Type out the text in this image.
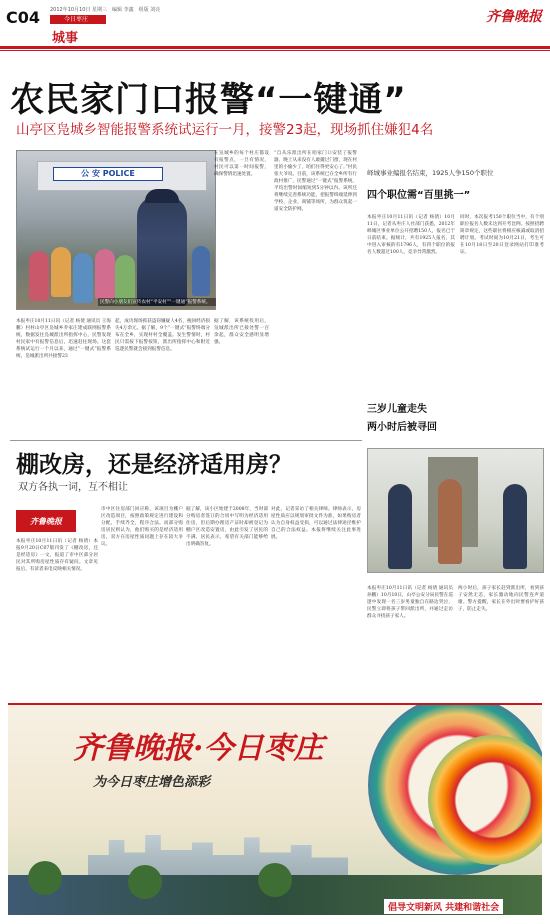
C04 2012年10月10日 星期三　编辑 李鑫　组版 刘亮
今日枣庄
城事
齐鲁晚报
农民家门口报警“一键通”
山亭区凫城乡智能报警系统试运行一月，接警23起，现场抓住嫌犯4名
公 安 POLICE
民警向小朋友们宣传农村“平安村”“一键通”报警系统。
本报枣庄10月11日讯（记者 杨倩 通讯员 王海鹏）村村山亭区凫城乡乔家庄建成联网报警系统，数据发往凫城派出所指挥中心，民警发现村民家中有报警信息后，迅速赶往现场。这套系统试运行一个月以来，通过“一键式”报警系统，凫城派出所共接警23
起，成功现场抓获盗窃嫌疑人4名，挽回经济损失4万余元。据了解，9个“一键式”报警终端分布在全乡，实现村村全覆盖。发生警情时，村民只需按下报警按钮，派出所指挥中心和附近巡逻民警就会接到报警信息。
在凫城乡的每个村庄都设有报警点，一旦有情况，村民可以第一时间报警，确保警情迅速处置。
据了解，该系统投用后，凫城派出所已接处警一百余起，群众安全感明显增强。
“自从乐派出所在咱家门口安装了报警器，晚上从来没有人敢撬过门窗，现在村里的小偷少了，咱们住得更安心了。”村民张大爷说。目前，该系统已在全乡所有行政村推广，民警通过“一键式”报警系统，平均出警时间缩短到5分钟以内。该所还将继续完善系统功能，把报警终端延伸到学校、企业、商铺等场所，为群众筑起一道安全防护网。
峄城事业编报名结束，1925人争150个职位
四个职位需“百里挑一”
本报枣庄10月11日讯（记者 杨倩）10月11日，记者从枣庄人社部门获悉，2012年峄城区事业单位公开招聘150人，报名已于日前结束。据统计，共有1925人报名，其中进入审核的有1796人，有四个职位的报名人数超过100人，竞争异常激烈。
同时，本次报考150个职位当中，有个别职位报名人数未达到开考比例。按照招聘简章规定，这些职位将相应核减或取消招聘计划。考试时间为10月21日，考生可在10月18日至20日登录网站打印准考证。
三岁儿童走失
两小时后被寻回
本报枣庄10月11日讯（记者 杨倩 通讯员 孙鹏）10月10日，山亭公安分局民警在巡逻中发现一名三岁男童独自在路边哭泣，民警立即将孩子带回派出所，并通过走访群众寻找孩子家人。
两小时后，孩子家长赶到派出所，看到孩子安然无恙，家长激动地向民警连声道谢。警方提醒，家长在外出时要看护好孩子，防止走失。
棚改房，还是经济适用房？
双方各执一词，互不相让
齐鲁晚报
本报枣庄10月11日讯（记者 杨倩）本报9月20日C07版刊发了《棚改房，还是经适房》一文，报道了市中区部分居民对其所购房屋性质存有疑问。文章见报后，有读者来电反映相关情况。
市中区住房部门回应称，该项目为棚户区改造项目，按照政策规定进行建设和分配，手续齐全，程序合法。而部分购房居民则认为，他们购买的是经济适用房，双方在房屋性质问题上存在较大争议。
据了解，该小区始建于2008年，当时部分购房者签订的合同中写明为经济适用住房，但后期办理房产证时却被登记为棚户区改造安置房，由此引发了居民的不满。居民表示，希望有关部门能够给出明确答复。
对此，记者采访了相关律师。律师表示，房屋性质应以规划审批文件为准，如果购房者认为自身权益受损，可以通过法律途径维护自己的合法权益。本报将继续关注此事进展。
齐鲁晚报·今日枣庄
为今日枣庄增色添彩
倡导文明新风 共建和谐社会
